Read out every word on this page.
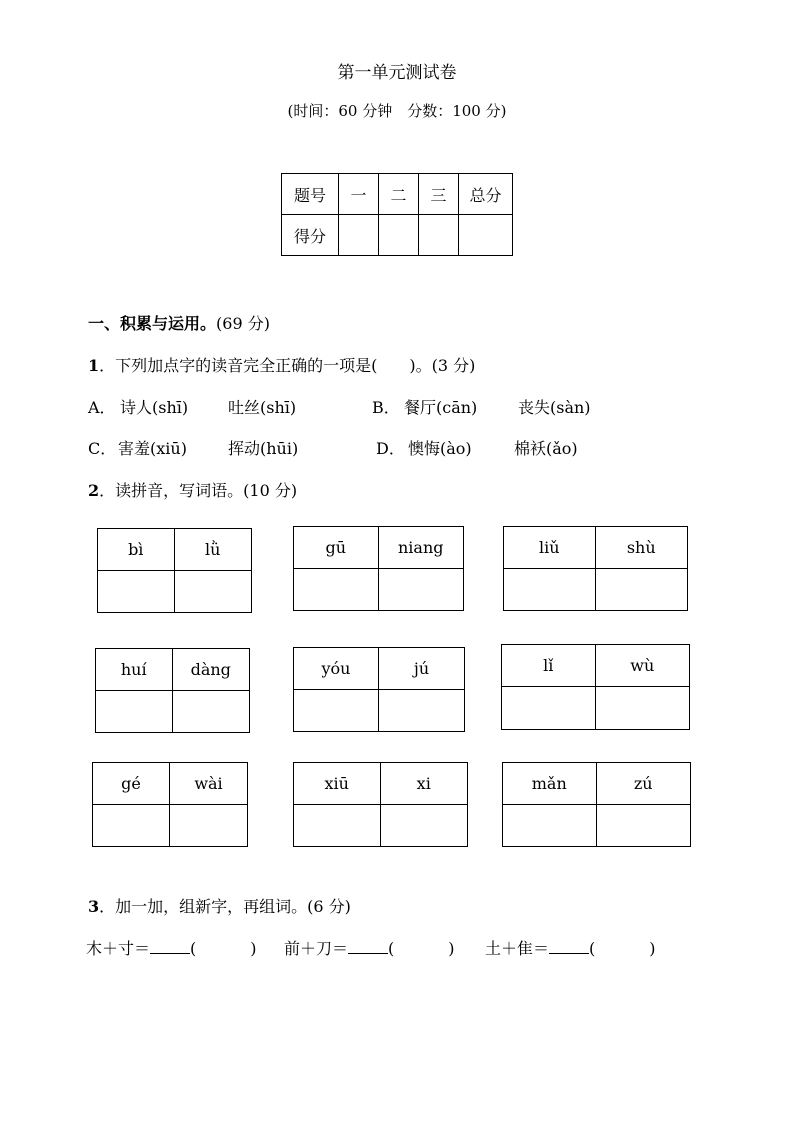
第一单元测试卷
(时间：60 分钟　分数：100 分)
题号	一	二	三	总分
得分				
一、积累与运用。(69 分)
1．下列加点字的读音完全正确的一项是(　　)。(3 分)
A． 诗人(shī) 吐丝(shī)	B． 餐厅(cān)	丧失(sàn)
C． 害羞(xiū)	挥动(hūi)	D． 懊悔(ào)	棉袄(ǎo)
2．读拼音，写词语。(10 分)
bì	lǜ	gū	niang	liǔ	shù
huí	dàng	yóu	jú	lǐ	wù
gé	wài	xiū	xi	mǎn	zú
3．加一加，组新字，再组词。(6 分)
木＋寸＝	(	) 前＋刀＝	(	) 土＋隹＝	(	)
